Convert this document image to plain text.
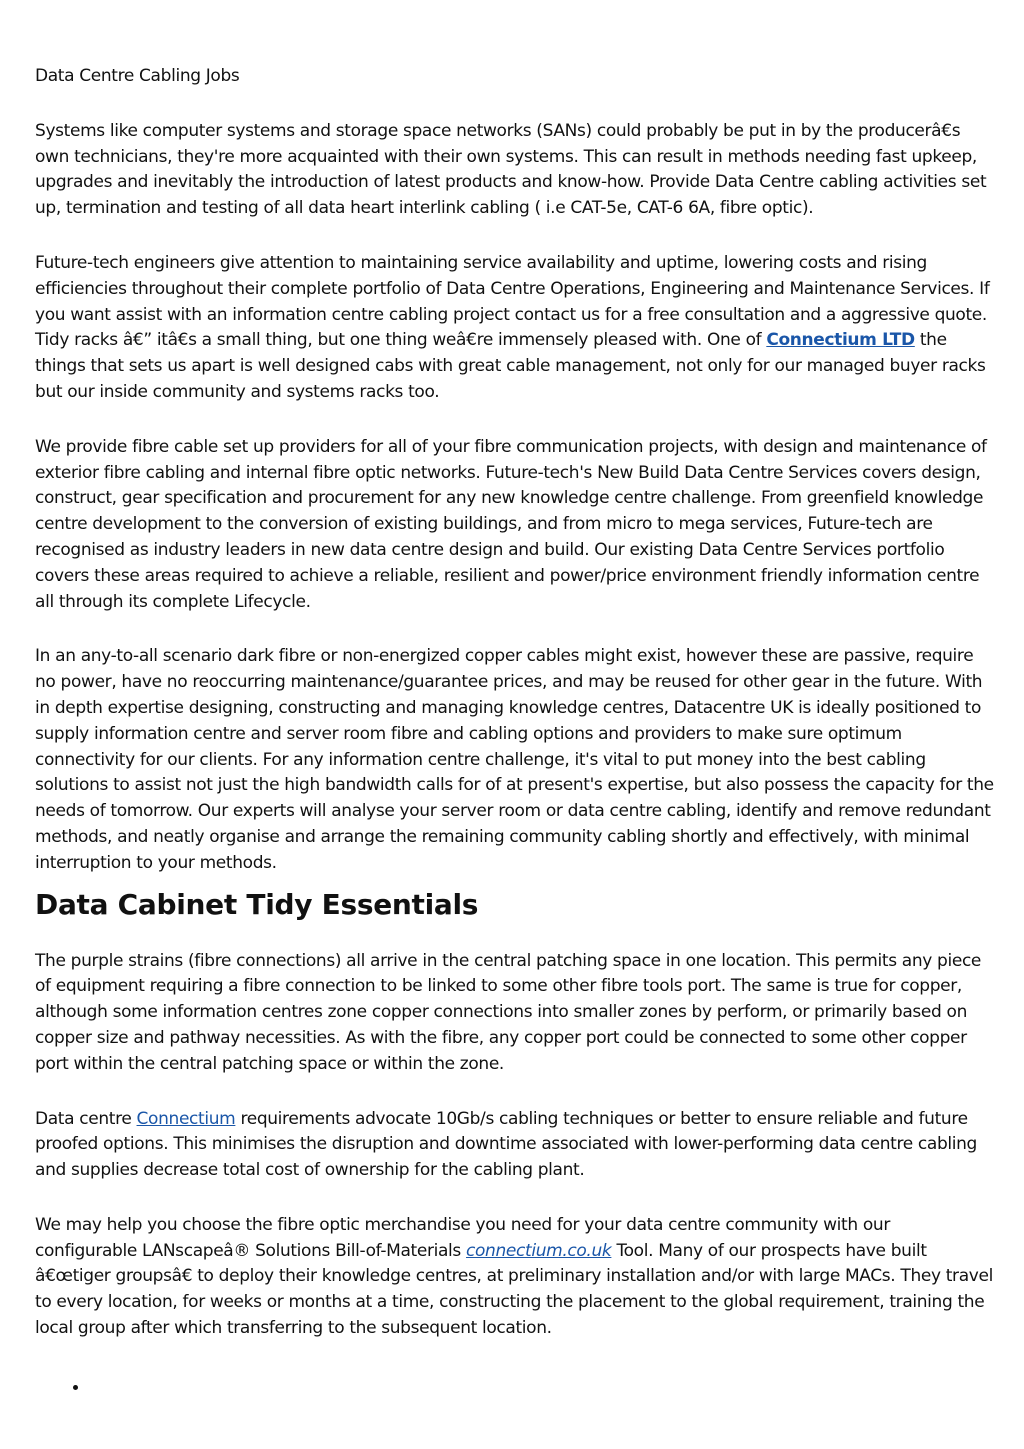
Data Centre Cabling Jobs

Systems like computer systems and storage space networks (SANs) could probably be put in by the producerâ€s own technicians, they're more acquainted with their own systems. This can result in methods needing fast upkeep, upgrades and inevitably the introduction of latest products and know-how. Provide Data Centre cabling activities set up, termination and testing of all data heart interlink cabling ( i.e CAT-5e, CAT-6 6A, fibre optic).

Future-tech engineers give attention to maintaining service availability and uptime, lowering costs and rising efficiencies throughout their complete portfolio of Data Centre Operations, Engineering and Maintenance Services. If you want assist with an information centre cabling project contact us for a free consultation and a aggressive quote. Tidy racks â€” itâ€s a small thing, but one thing weâ€re immensely pleased with. One of Connectium LTD the things that sets us apart is well designed cabs with great cable management, not only for our managed buyer racks but our inside community and systems racks too.

We provide fibre cable set up providers for all of your fibre communication projects, with design and maintenance of exterior fibre cabling and internal fibre optic networks. Future-tech's New Build Data Centre Services covers design, construct, gear specification and procurement for any new knowledge centre challenge. From greenfield knowledge centre development to the conversion of existing buildings, and from micro to mega services, Future-tech are recognised as industry leaders in new data centre design and build. Our existing Data Centre Services portfolio covers these areas required to achieve a reliable, resilient and power/price environment friendly information centre all through its complete Lifecycle.

In an any-to-all scenario dark fibre or non-energized copper cables might exist, however these are passive, require no power, have no reoccurring maintenance/guarantee prices, and may be reused for other gear in the future. With in depth expertise designing, constructing and managing knowledge centres, Datacentre UK is ideally positioned to supply information centre and server room fibre and cabling options and providers to make sure optimum connectivity for our clients. For any information centre challenge, it's vital to put money into the best cabling solutions to assist not just the high bandwidth calls for of at present's expertise, but also possess the capacity for the needs of tomorrow. Our experts will analyse your server room or data centre cabling, identify and remove redundant methods, and neatly organise and arrange the remaining community cabling shortly and effectively, with minimal interruption to your methods.

Data Cabinet Tidy Essentials

The purple strains (fibre connections) all arrive in the central patching space in one location. This permits any piece of equipment requiring a fibre connection to be linked to some other fibre tools port. The same is true for copper, although some information centres zone copper connections into smaller zones by perform, or primarily based on copper size and pathway necessities. As with the fibre, any copper port could be connected to some other copper port within the central patching space or within the zone.

Data centre Connectium requirements advocate 10Gb/s cabling techniques or better to ensure reliable and future proofed options. This minimises the disruption and downtime associated with lower-performing data centre cabling and supplies decrease total cost of ownership for the cabling plant.

We may help you choose the fibre optic merchandise you need for your data centre community with our configurable LANscapeâ® Solutions Bill-of-Materials connectium.co.uk Tool. Many of our prospects have built â€œtiger groupsâ€ to deploy their knowledge centres, at preliminary installation and/or with large MACs. They travel to every location, for weeks or months at a time, constructing the placement to the global requirement, training the local group after which transferring to the subsequent location.

•
